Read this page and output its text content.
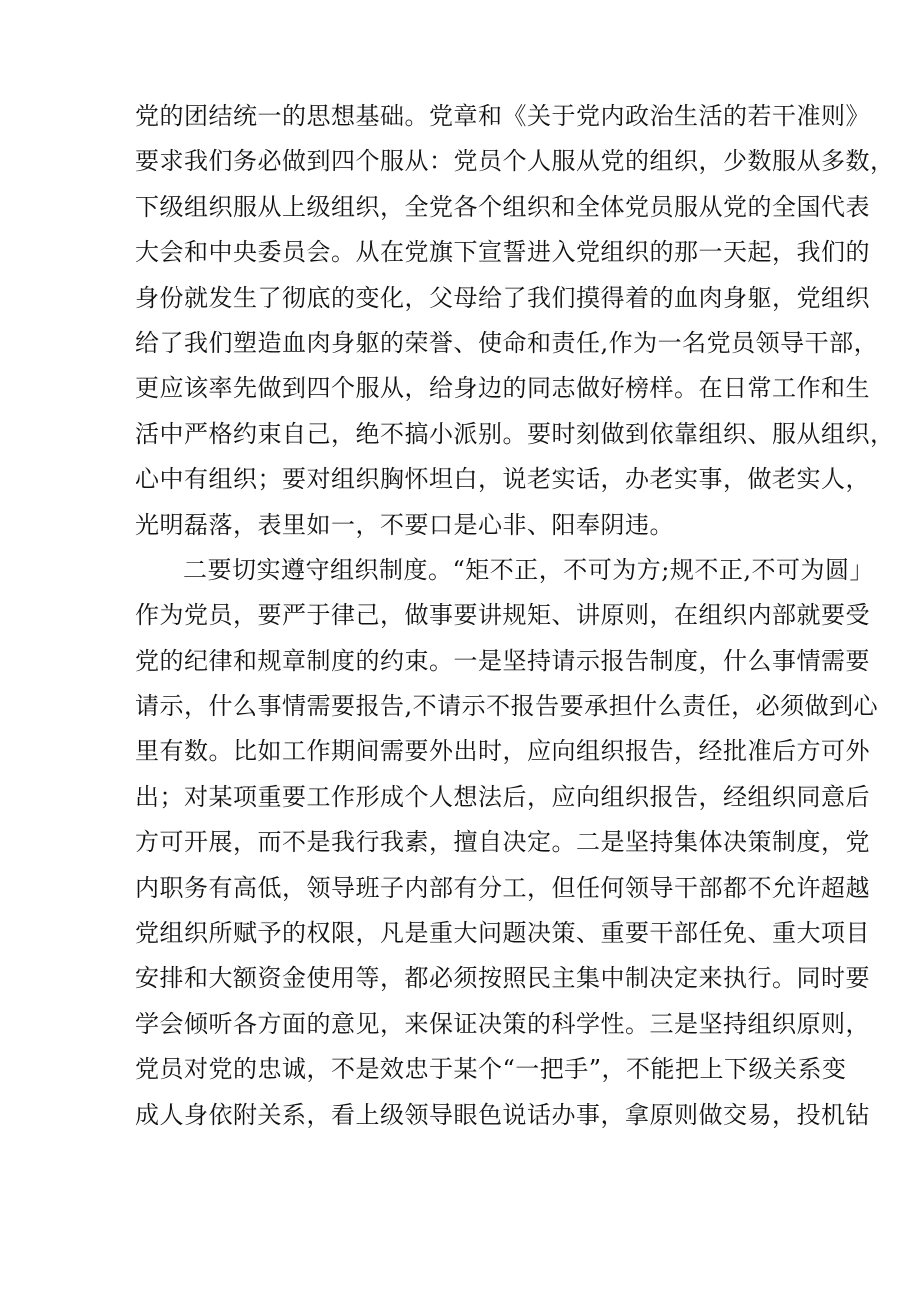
党的团结统一的思想基础。党章和《关于党内政治生活的若干准则》
要求我们务必做到四个服从：党员个人服从党的组织，少数服从多数，
下级组织服从上级组织，全党各个组织和全体党员服从党的全国代表
大会和中央委员会。从在党旗下宣誓进入党组织的那一天起，我们的
身份就发生了彻底的变化，父母给了我们摸得着的血肉身躯，党组织
给了我们塑造血肉身躯的荣誉、使命和责任,作为一名党员领导干部，
更应该率先做到四个服从，给身边的同志做好榜样。在日常工作和生
活中严格约束自己，绝不搞小派别。要时刻做到依靠组织、服从组织，
心中有组织；要对组织胸怀坦白，说老实话，办老实事，做老实人，
光明磊落，表里如一，不要口是心非、阳奉阴违。
二要切实遵守组织制度。“矩不正，不可为方;规不正,不可为圆」
作为党员，要严于律己，做事要讲规矩、讲原则，在组织内部就要受
党的纪律和规章制度的约束。一是坚持请示报告制度，什么事情需要
请示，什么事情需要报告,不请示不报告要承担什么责任，必须做到心
里有数。比如工作期间需要外出时，应向组织报告，经批准后方可外
出；对某项重要工作形成个人想法后，应向组织报告，经组织同意后
方可开展，而不是我行我素，擅自决定。二是坚持集体决策制度，党
内职务有高低，领导班子内部有分工，但任何领导干部都不允许超越
党组织所赋予的权限，凡是重大问题决策、重要干部任免、重大项目
安排和大额资金使用等，都必须按照民主集中制决定来执行。同时要
学会倾听各方面的意见，来保证决策的科学性。三是坚持组织原则，
党员对党的忠诚，不是效忠于某个“一把手”，不能把上下级关系变
成人身依附关系，看上级领导眼色说话办事，拿原则做交易，投机钻
